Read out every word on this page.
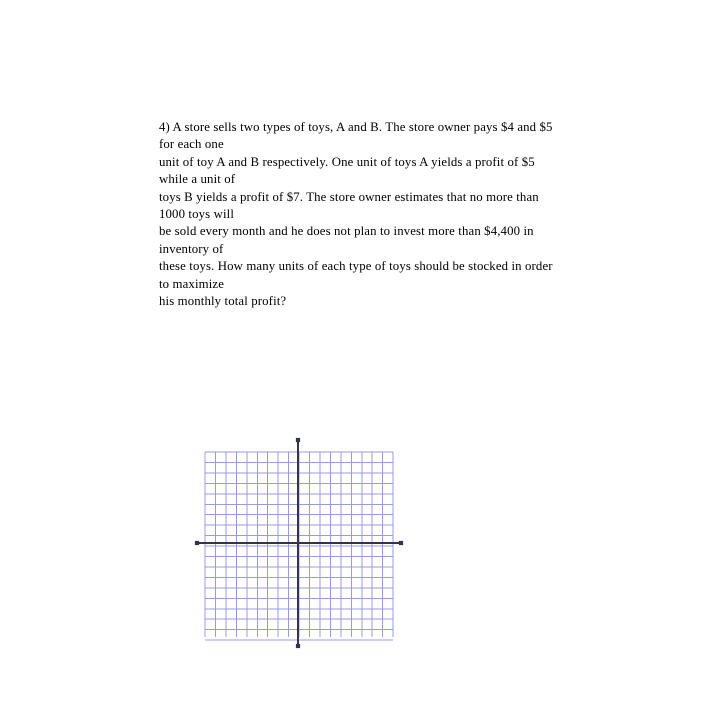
4) A store sells two types of toys, A and B. The store owner pays $4 and $5 for each one
unit of toy A and B respectively. One unit of toys A yields a profit of $5 while a unit of
toys B yields a profit of $7. The store owner estimates that no more than 1000 toys will
be sold every month and he does not plan to invest more than $4,400 in inventory of
these toys. How many units of each type of toys should be stocked in order to maximize
his monthly total profit?
